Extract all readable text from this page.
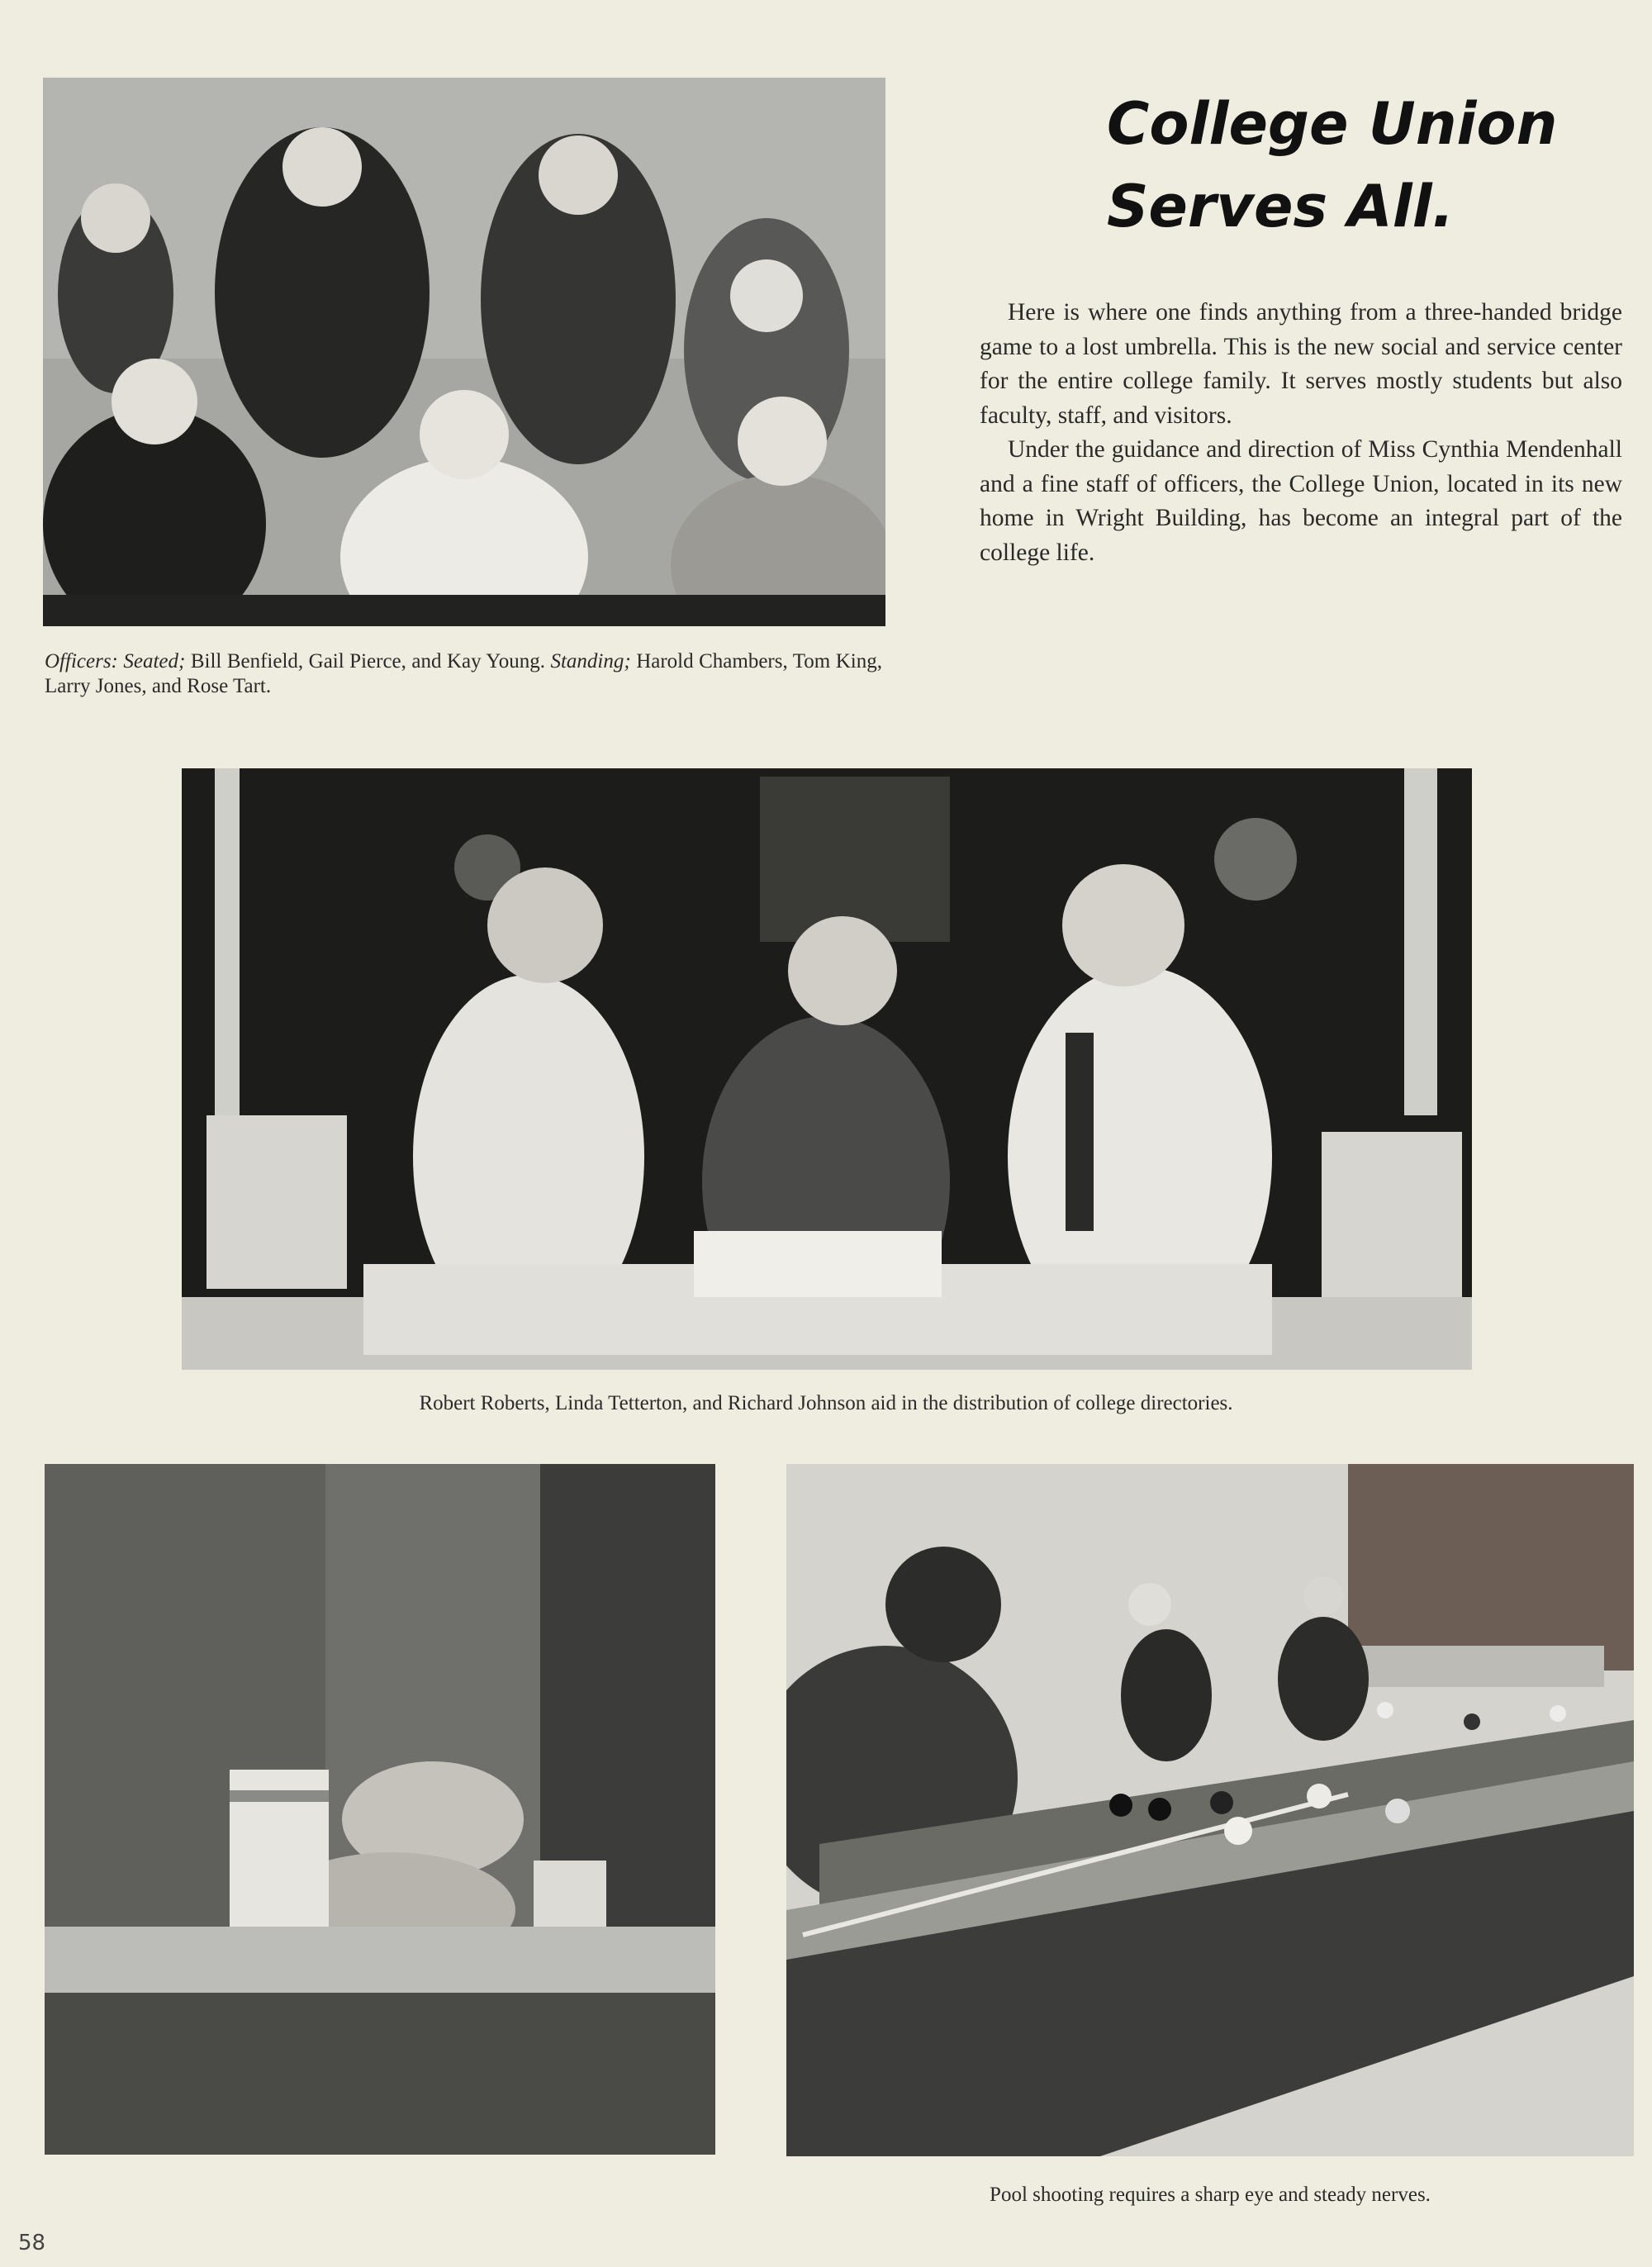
College Union
Serves All.

Here is where one finds anything from a three-handed bridge game to a lost umbrella. This is the new social and service center for the entire college family. It serves mostly students but also faculty, staff, and visitors.

Under the guidance and direction of Miss Cynthia Mendenhall and a fine staff of officers, the College Union, located in its new home in Wright Building, has become an integral part of the college life.

Officers: Seated; Bill Benfield, Gail Pierce, and Kay Young. Standing; Harold Chambers, Tom King, Larry Jones, and Rose Tart.

Robert Roberts, Linda Tetterton, and Richard Johnson aid in the distribution of college directories.

Pool shooting requires a sharp eye and steady nerves.

58
